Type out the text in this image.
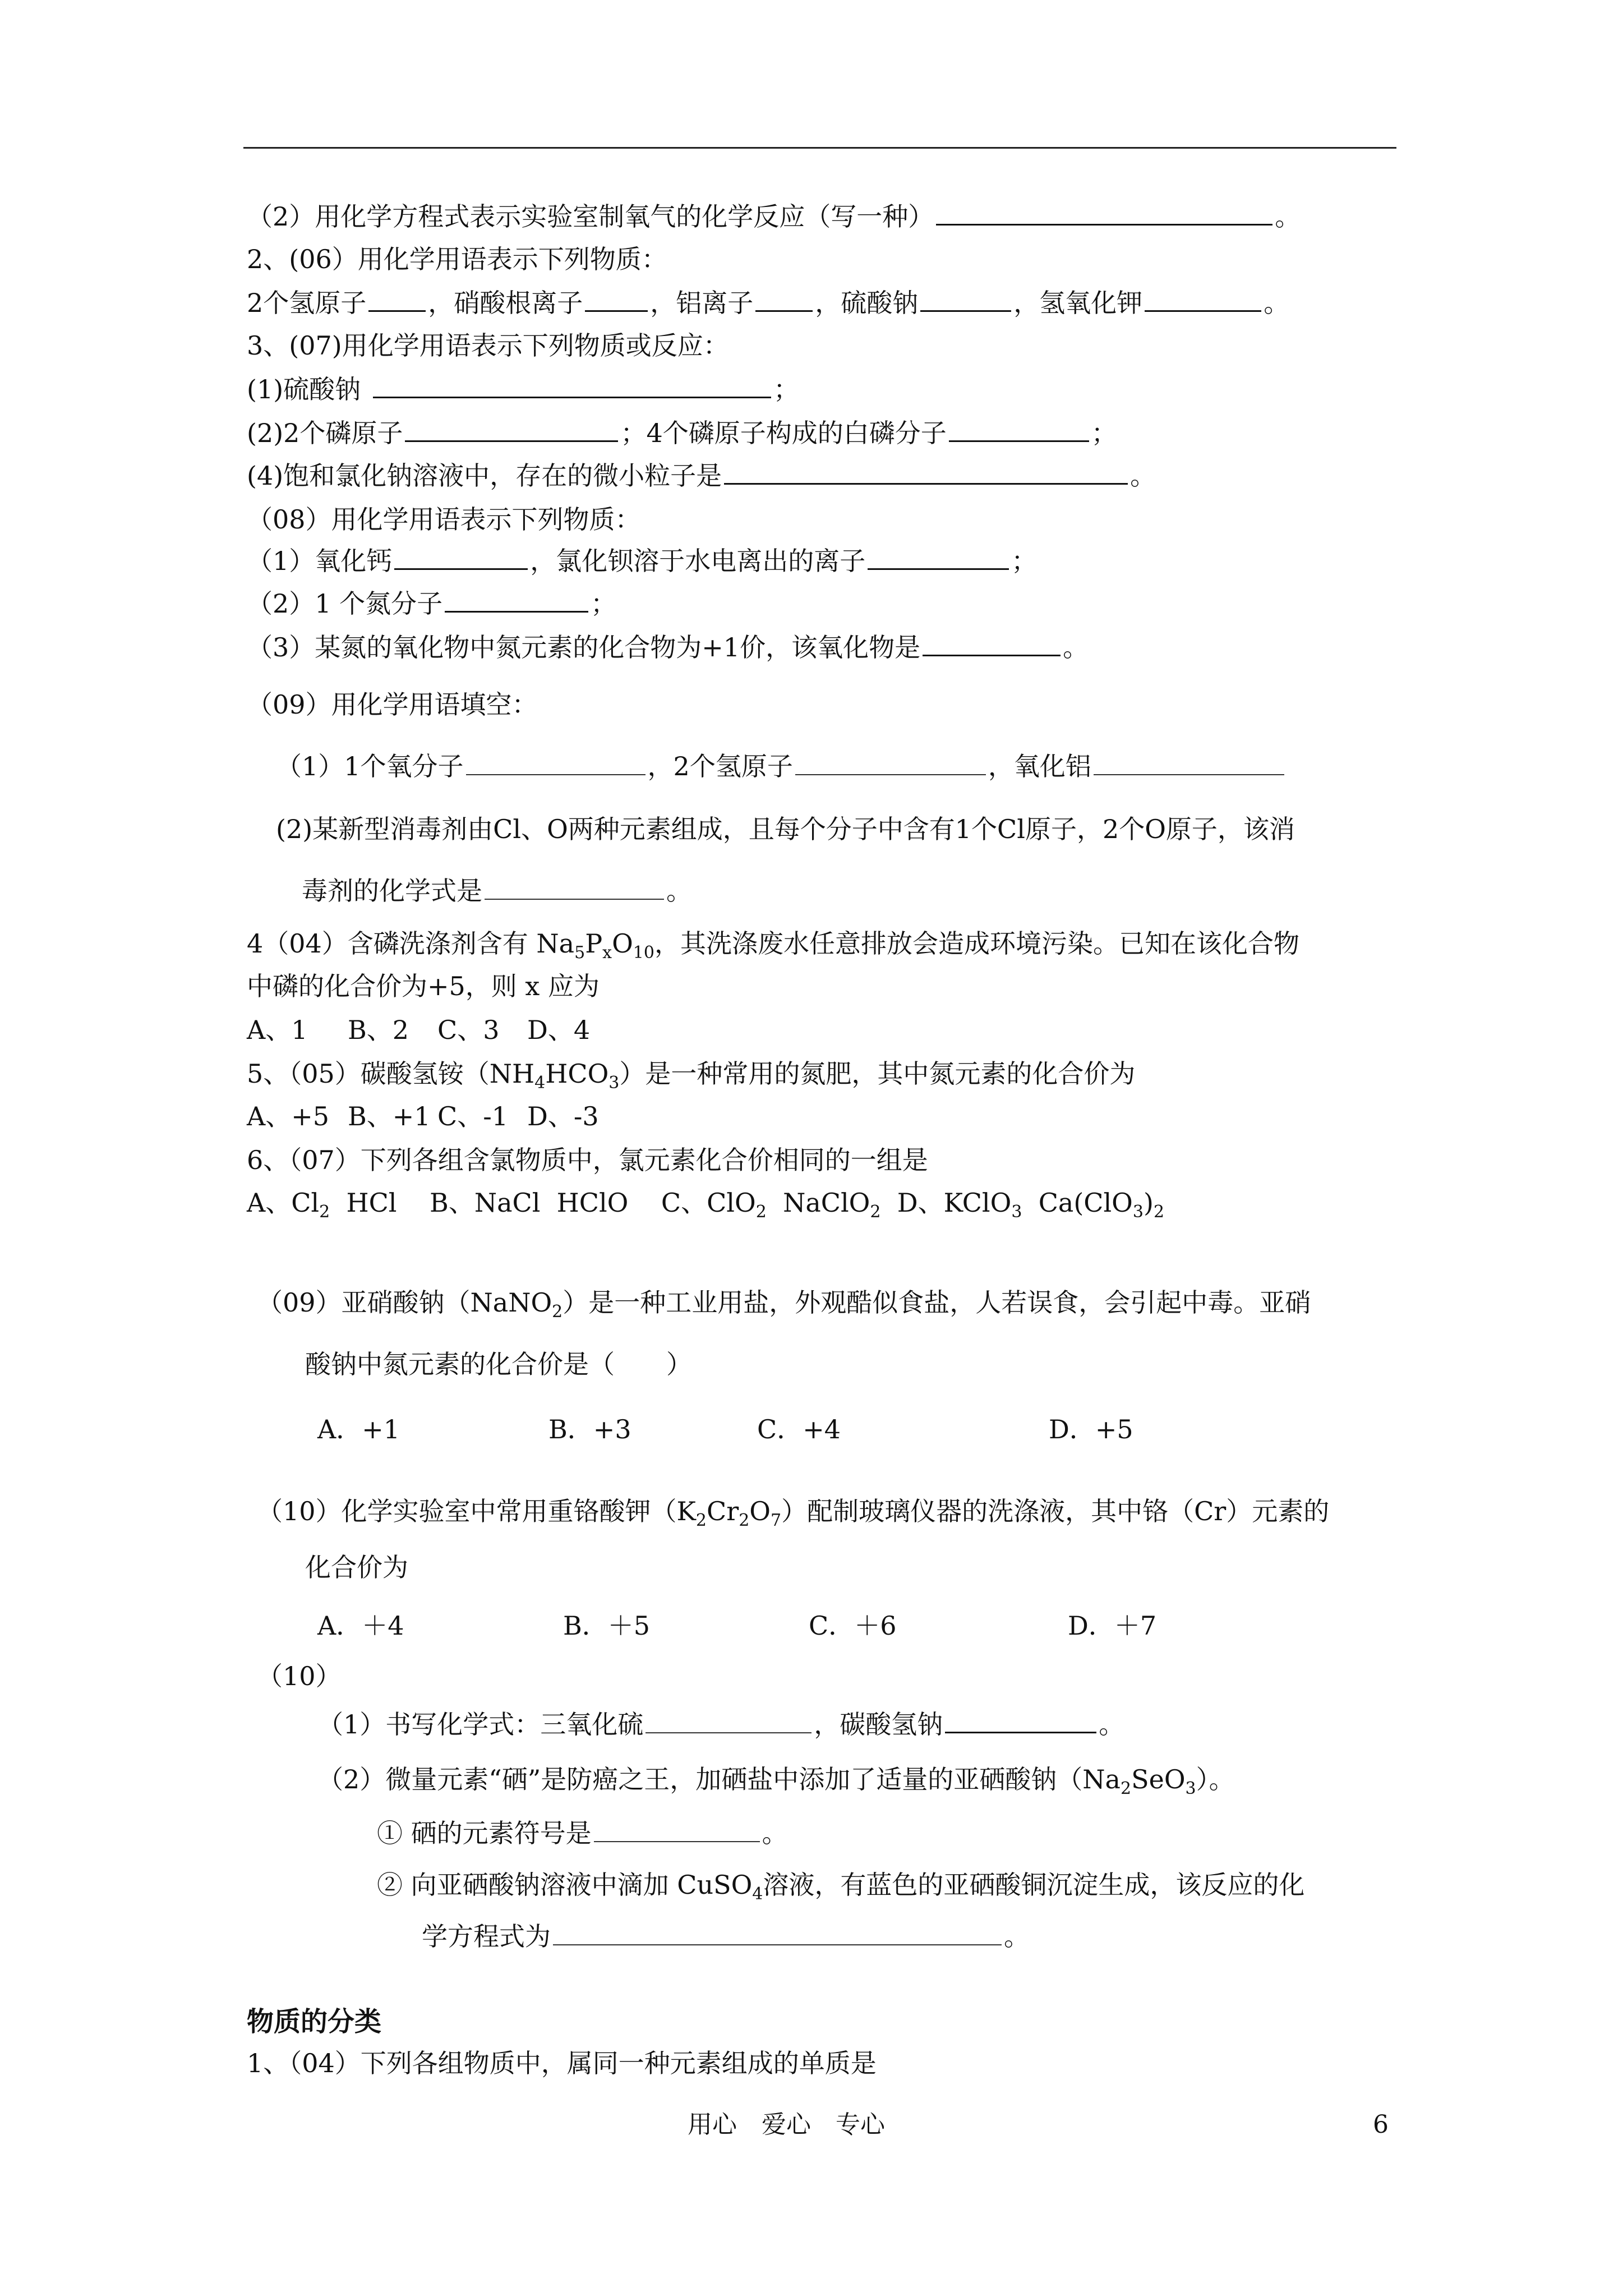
（2）用化学方程式表示实验室制氧气的化学反应（写一种）	。
2、(06）用化学用语表示下列物质：
2个氢原子 ，硝酸根离子	，铝离子 ，硫酸钠	，氢氧化钾	。
3、(07)用化学用语表示下列物质或反应：
(1)硫酸钠	；
(2)2个磷原子	；4个磷原子构成的白磷分子	；
(4)饱和氯化钠溶液中，存在的微小粒子是	。
（08）用化学用语表示下列物质：
（1）氧化钙	，氯化钡溶于水电离出的离子	；
（2）1 个氮分子	；
（3）某氮的氧化物中氮元素的化合物为+1价，该氧化物是	。
（09）用化学用语填空：
（1）1个氧分子	，2个氢原子	，氧化铝
(2)某新型消毒剂由Cl、O两种元素组成，且每个分子中含有1个Cl原子，2个O原子，该消
毒剂的化学式是	。
4（04）含磷洗涤剂含有 $Na_5P_xO_{10}$，其洗涤废水任意排放会造成环境污染。已知在该化合物
中磷的化合价为+5，则 x 应为
A、1 B、2 C、3 D、4
5、（05）碳酸氢铵$(NH_4HCO_3)$是一种常用的氮肥，其中氮元素的化合价为
A、+5 B、+1 C、-1 D、-3
6、（07）下列各组含氯物质中，氯元素化合价相同的一组是
A、$Cl_2$ HCl B、NaCl HClO C、ClO$_2$ NaClO$_2$ D、KClO$_3$ $Ca(ClO_3)_2$
（09）亚硝酸钠（NaNO$_2$）是一种工业用盐，外观酷似食盐，人若误食，会引起中毒。亚硝
酸钠中氮元素的化合价是（　　）
A．+1	B．+3	C．+4	D．+5
（10）化学实验室中常用重铬酸钾$(K_2Cr_2O_7)$配制玻璃仪器的洗涤液，其中铬（Cr）元素的
化合价为
A．＋4	B．＋5	C．＋6	D．＋7
（10）
（1）书写化学式：三氧化硫	，碳酸氢钠	。
（2）微量元素“硒”是防癌之王，加硒盐中添加了适量的亚硒酸钠$(Na_2SeO_3)$。
① 硒的元素符号是	。
② 向亚硒酸钠溶液中滴加 CuSO$_4$溶液，有蓝色的亚硒酸铜沉淀生成，该反应的化
学方程式为	。
物质的分类
1、（04）下列各组物质中，属同一种元素组成的单质是
用心　爱心　专心	6
